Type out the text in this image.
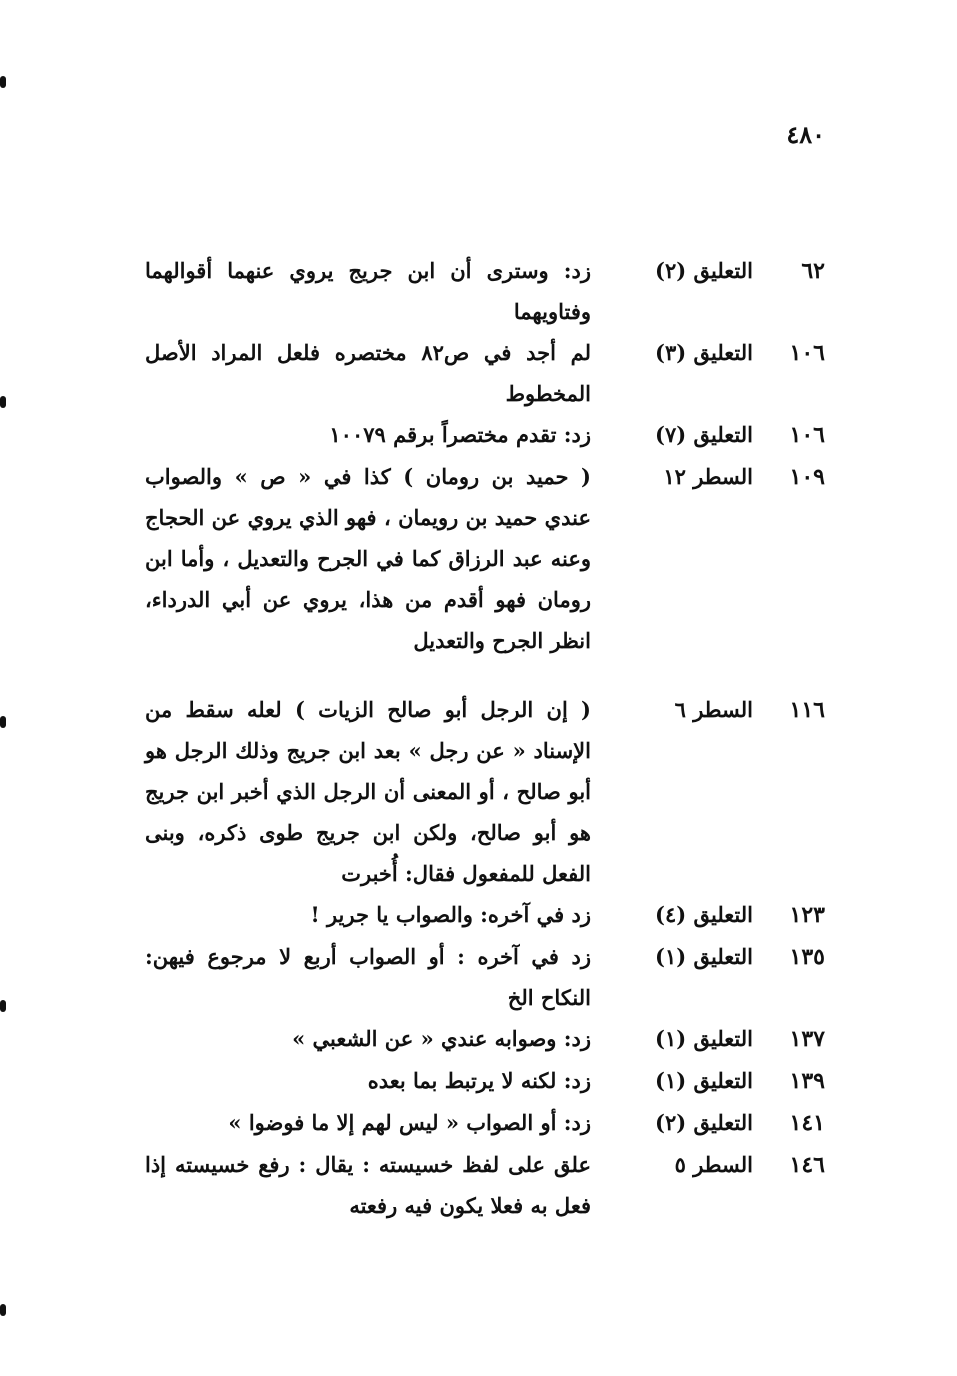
٤٨٠
٦٢
التعليق (٢)
زد: وسترى أن ابن جريج يروي عنهما أقوالهما وفتاويهما
١٠٦
التعليق (٣)
لم أجد في ص٨٢ مختصره فلعل المراد الأصل المخطوط
١٠٦
التعليق (٧)
زد: تقدم مختصراً برقم ١٠٠٧٩
١٠٩
السطر ١٢
( حميد بن رومان ) كذا في « ص » والصواب عندي حميد بن رويمان ، فهو الذي يروي عن الحجاج وعنه عبد الرزاق كما في الجرح والتعديل ، وأما ابن رومان فهو أقدم من هذا، يروي عن أبي الدرداء، انظر الجرح والتعديل
١١٦
السطر ٦
( إن الرجل أبو صالح الزيات ) لعله سقط من الإسناد « عن رجل » بعد ابن جريج وذلك الرجل هو أبو صالح ، أو المعنى أن الرجل الذي أخبر ابن جريج هو أبو صالح، ولكن ابن جريج طوى ذكره، وبنى الفعل للمفعول فقال: أُخبرت
١٢٣
التعليق (٤)
زد في آخره: والصواب يا جرير !
١٣٥
التعليق (١)
زد في آخره : أو الصواب أربع لا مرجوع فيهن: النكاح الخ
١٣٧
التعليق (١)
زد: وصوابه عندي « عن الشعبي »
١٣٩
التعليق (١)
زد: لكنه لا يرتبط بما بعده
١٤١
التعليق (٢)
زد: أو الصواب « ليس لهم إلا ما فوضوا »
١٤٦
السطر ٥
علق على لفظ خسيسته : يقال : رفع خسيسته إذا فعل به فعلا يكون فيه رفعته
